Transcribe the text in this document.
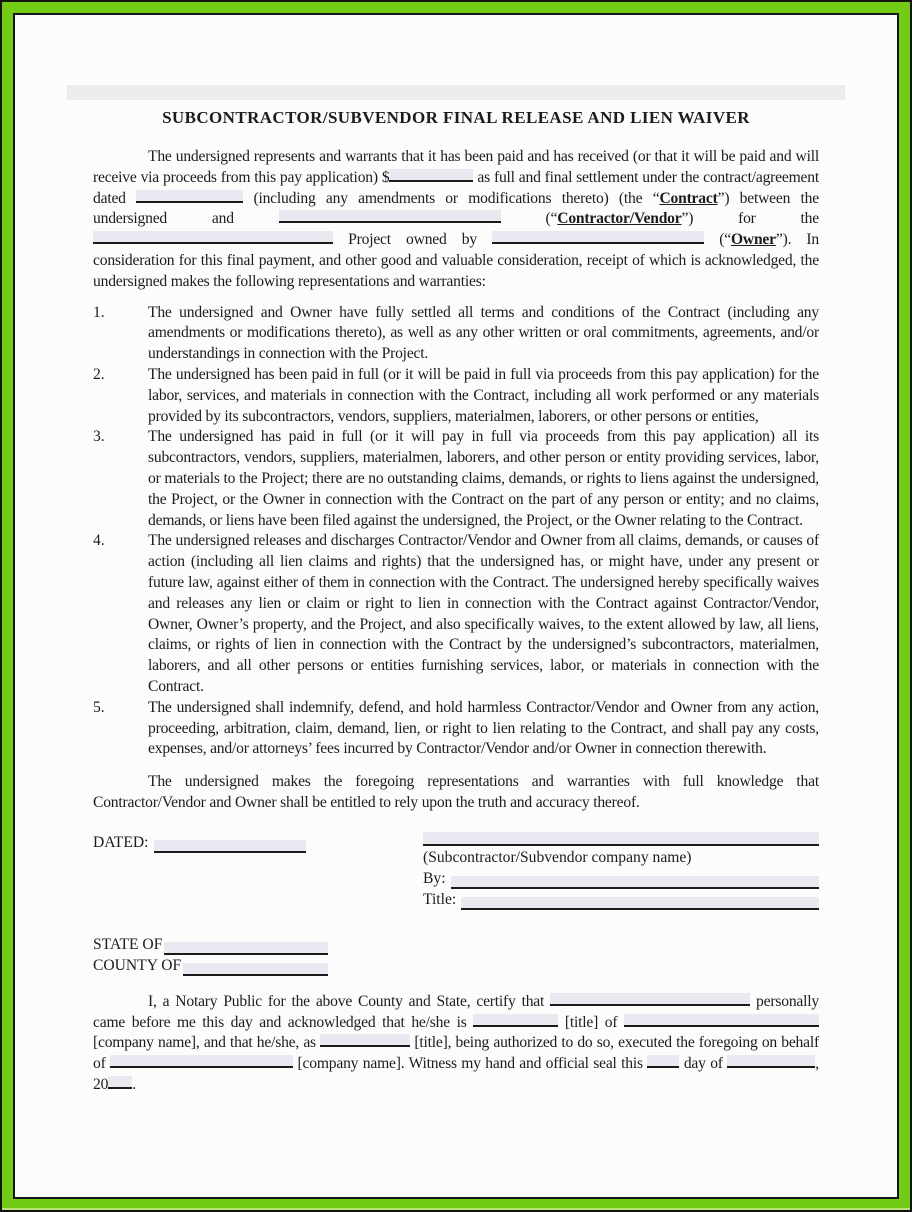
SUBCONTRACTOR/SUBVENDOR FINAL RELEASE AND LIEN WAIVER

The undersigned represents and warrants that it has been paid and has received (or that it will be paid and will receive via proceeds from this pay application) $	as full and final settlement under the contract/agreement dated	(including any amendments or modifications thereto) (the “Contract”) between the undersigned and	(“Contractor/Vendor”) for the  Project owned by	(“Owner”). In consideration for this final payment, and other good and valuable consideration, receipt of which is acknowledged, the undersigned makes the following representations and warranties:

1.	The undersigned and Owner have fully settled all terms and conditions of the Contract (including any amendments or modifications thereto), as well as any other written or oral commitments, agreements, and/or understandings in connection with the Project.
2.	The undersigned has been paid in full (or it will be paid in full via proceeds from this pay application) for the labor, services, and materials in connection with the Contract, including all work performed or any materials provided by its subcontractors, vendors, suppliers, materialmen, laborers, or other persons or entities,
3.	The undersigned has paid in full (or it will pay in full via proceeds from this pay application) all its subcontractors, vendors, suppliers, materialmen, laborers, and other person or entity providing services, labor, or materials to the Project; there are no outstanding claims, demands, or rights to liens against the undersigned, the Project, or the Owner in connection with the Contract on the part of any person or entity; and no claims, demands, or liens have been filed against the undersigned, the Project, or the Owner relating to the Contract.
4.	The undersigned releases and discharges Contractor/Vendor and Owner from all claims, demands, or causes of action (including all lien claims and rights) that the undersigned has, or might have, under any present or future law, against either of them in connection with the Contract. The undersigned hereby specifically waives and releases any lien or claim or right to lien in connection with the Contract against Contractor/Vendor, Owner, Owner’s property, and the Project, and also specifically waives, to the extent allowed by law, all liens, claims, or rights of lien in connection with the Contract by the undersigned’s subcontractors, materialmen, laborers, and all other persons or entities furnishing services, labor, or materials in connection with the Contract.
5.	The undersigned shall indemnify, defend, and hold harmless Contractor/Vendor and Owner from any action, proceeding, arbitration, claim, demand, lien, or right to lien relating to the Contract, and shall pay any costs, expenses, and/or attorneys’ fees incurred by Contractor/Vendor and/or Owner in connection therewith.

The undersigned makes the foregoing representations and warranties with full knowledge that Contractor/Vendor and Owner shall be entitled to rely upon the truth and accuracy thereof.

DATED:
(Subcontractor/Subvendor company name)
By:
Title:
STATE OF
COUNTY OF

I, a Notary Public for the above County and State, certify that	personally came before me this day and acknowledged that he/she is	[title] of  [company name], and that he/she, as	[title], being authorized to do so, executed the foregoing on behalf of	[company name]. Witness my hand and official seal this  day of	, 20 .
